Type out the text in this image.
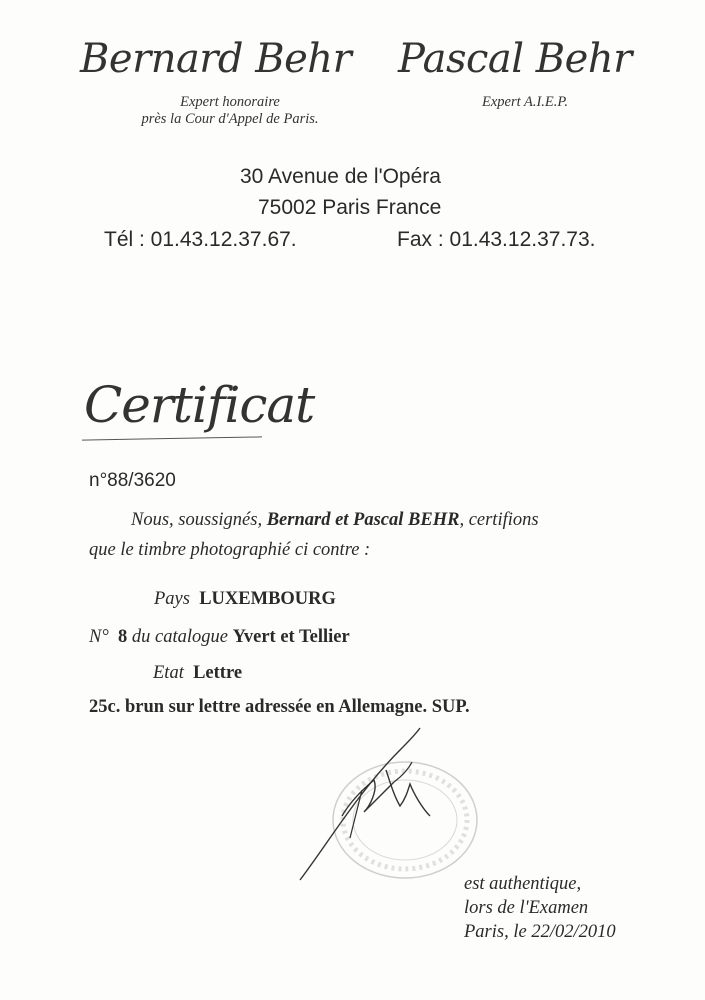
Bernard Behr Pascal Behr
Expert honoraire
près la Cour d'Appel de Paris.
Expert A.I.E.P.
30 Avenue de l'Opéra
75002 Paris France
Tél : 01.43.12.37.67.	Fax : 01.43.12.37.73.
Certificat
n°88/3620
Nous, soussignés, Bernard et Pascal BEHR, certifions
que le timbre photographié ci contre :
Pays LUXEMBOURG
N° 8 du catalogue Yvert et Tellier
Etat Lettre
25c. brun sur lettre adressée en Allemagne. SUP.
est authentique,
lors de l'Examen
Paris, le 22/02/2010
